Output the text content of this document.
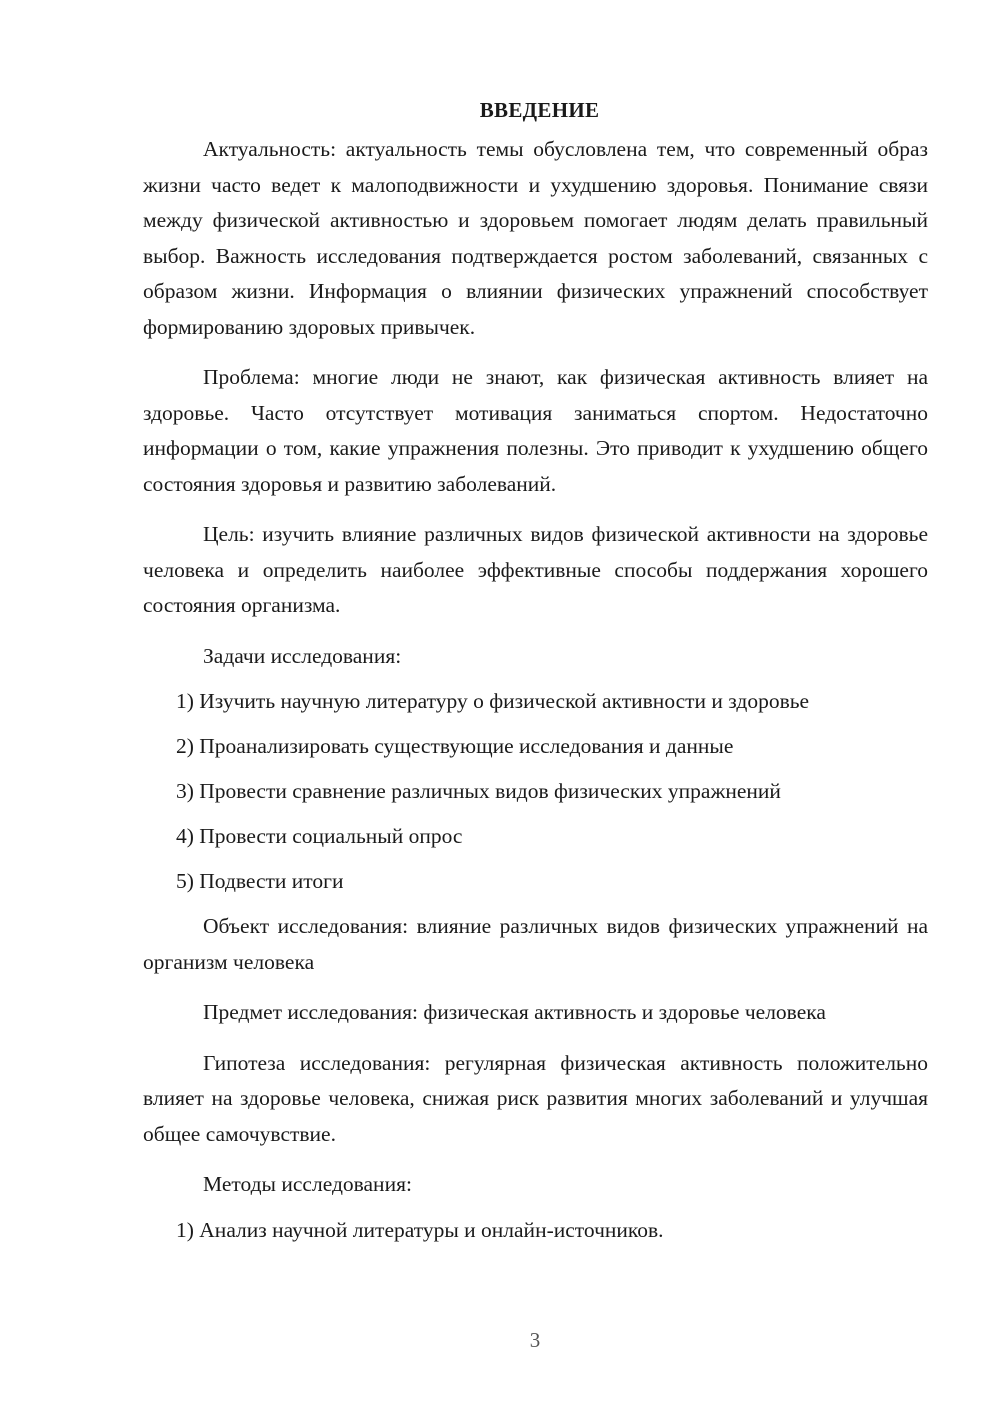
ВВЕДЕНИЕ

Актуальность: актуальность темы обусловлена тем, что современный образ жизни часто ведет к малоподвижности и ухудшению здоровья. Понимание связи между физической активностью и здоровьем помогает людям делать правильный выбор. Важность исследования подтверждается ростом заболеваний, связанных с образом жизни. Информация о влиянии физических упражнений способствует формированию здоровых привычек.

Проблема: многие люди не знают, как физическая активность влияет на здоровье. Часто отсутствует мотивация заниматься спортом. Недостаточно информации о том, какие упражнения полезны. Это приводит к ухудшению общего состояния здоровья и развитию заболеваний.

Цель: изучить влияние различных видов физической активности на здоровье человека и определить наиболее эффективные способы поддержания хорошего состояния организма.

Задачи исследования:

1) Изучить научную литературу о физической активности и здоровье
2) Проанализировать существующие исследования и данные
3) Провести сравнение различных видов физических упражнений
4) Провести социальный опрос
5) Подвести итоги

Объект исследования: влияние различных видов физических упражнений на организм человека

Предмет исследования: физическая активность и здоровье человека

Гипотеза исследования: регулярная физическая активность положительно влияет на здоровье человека, снижая риск развития многих заболеваний и улучшая общее самочувствие.

Методы исследования:

1) Анализ научной литературы и онлайн-источников.
3
